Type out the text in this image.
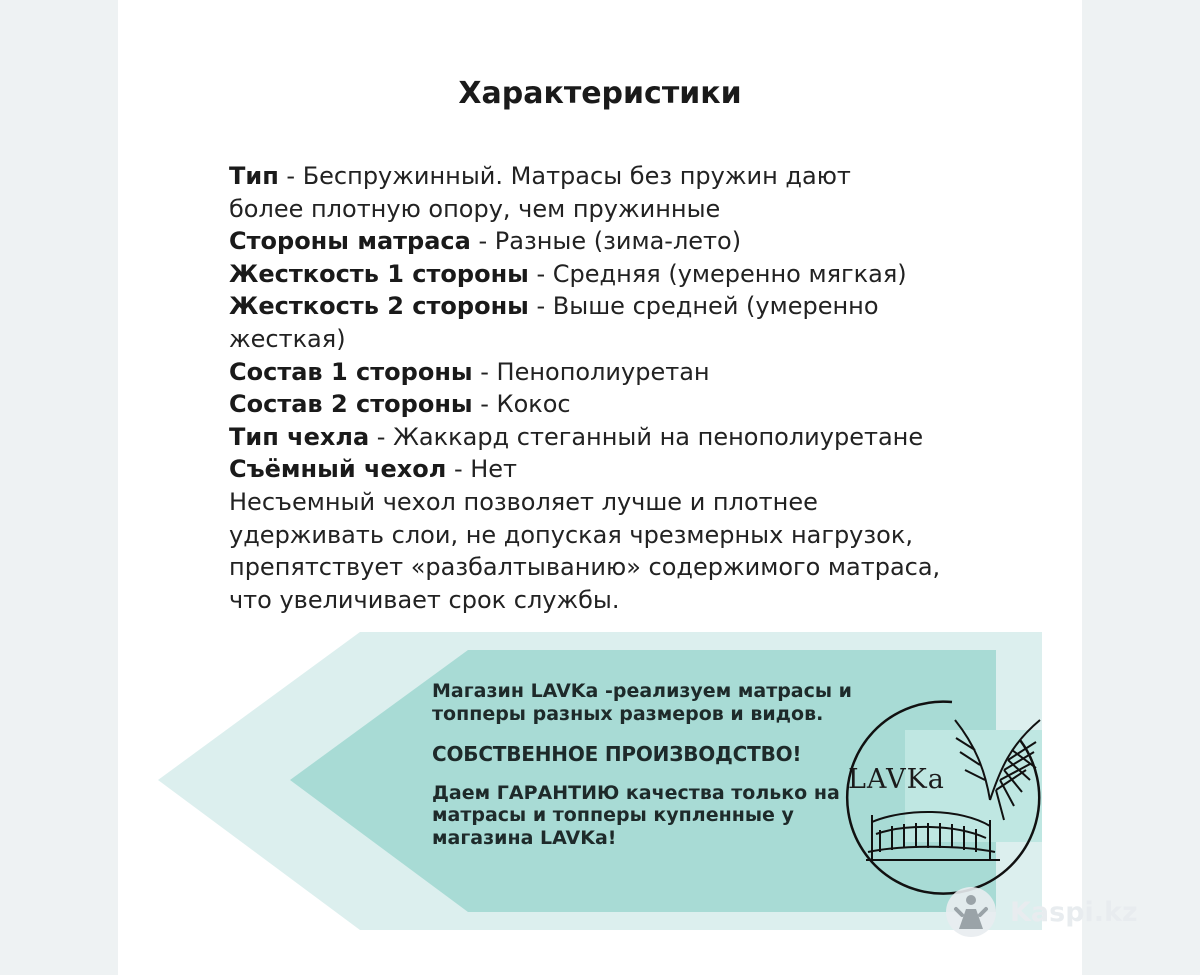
Характеристики
Тип - Беспружинный. Матрасы без пружин дают более плотную опору, чем пружинные
Стороны матраса - Разные (зима-лето)
Жесткость 1 стороны - Средняя (умеренно мягкая)
Жесткость 2 стороны - Выше средней (умеренно жесткая)
Состав 1 стороны - Пенополиуретан
Состав 2 стороны - Кокос
Тип чехла - Жаккард стеганный на пенополиуретане
Съёмный чехол - Нет
Несъемный чехол позволяет лучше и плотнее удерживать слои, не допуская чрезмерных нагрузок, препятствует «разбалтыванию» содержимого матраса, что увеличивает срок службы.
LAVKa

Магазин LAVKa -реализуем матрасы и топперы разных размеров и видов.

СОБСТВЕННОЕ ПРОИЗВОДСТВО!

Даем ГАРАНТИЮ качества только на матрасы и топперы купленные у магазина LAVKa!

Kaspi.kz
